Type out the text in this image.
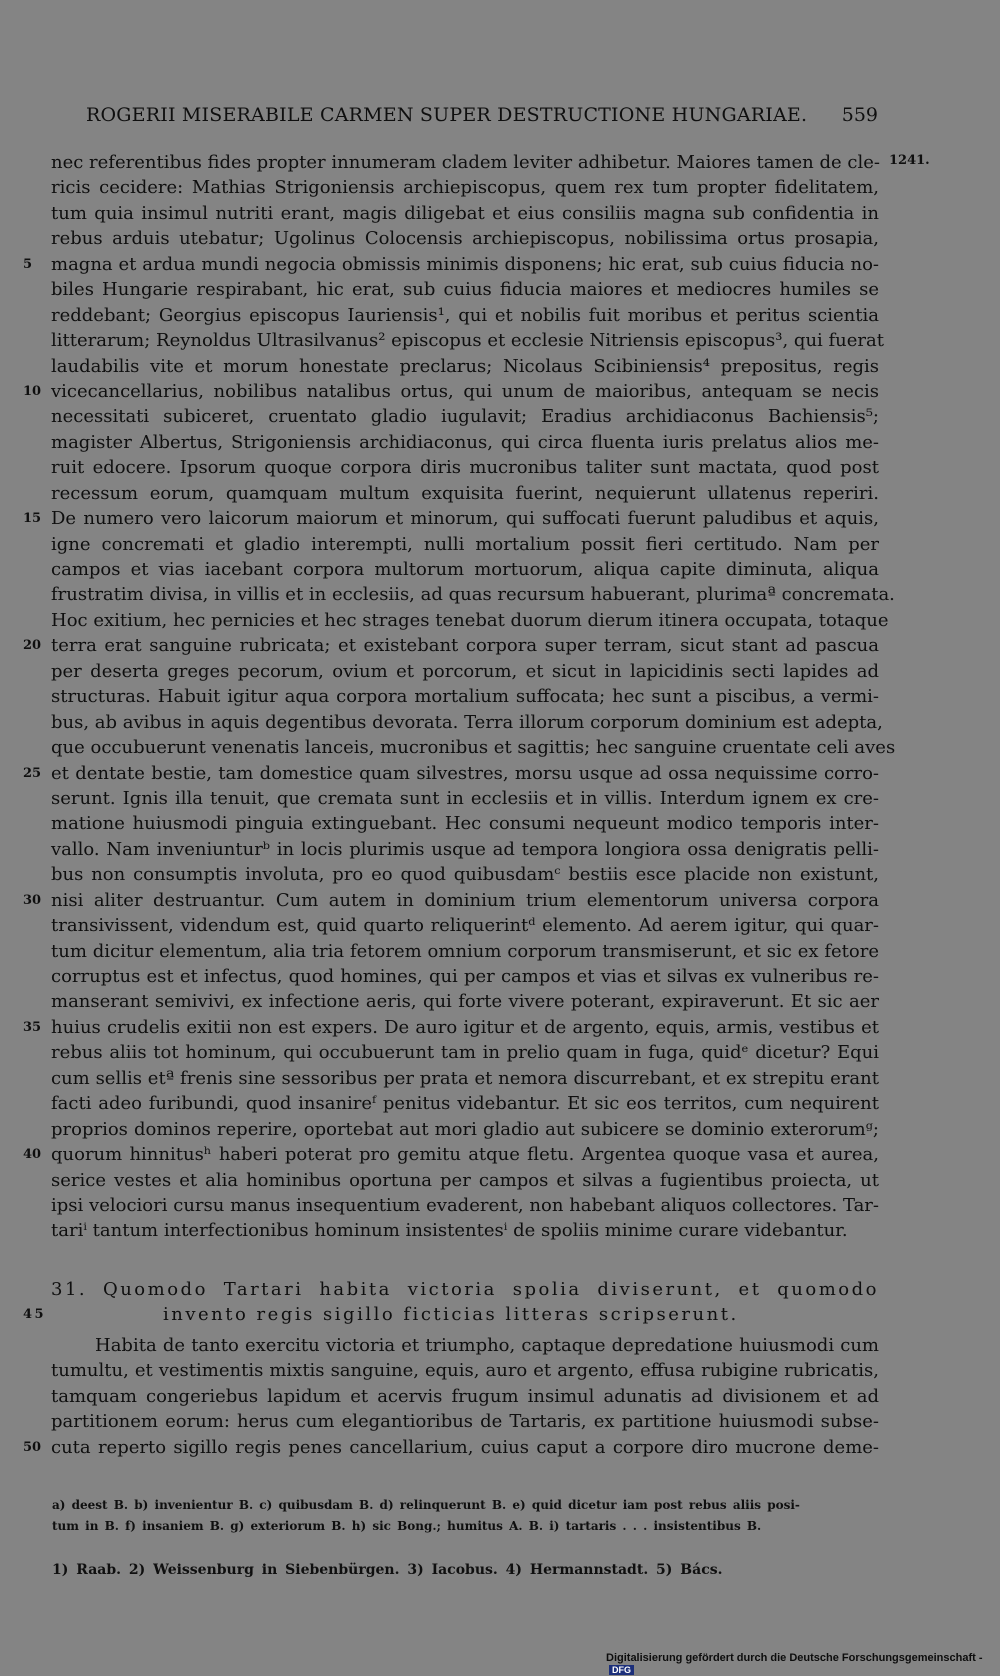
ROGERII MISERABILE CARMEN SUPER DESTRUCTIONE HUNGARIAE. 559
1241.
nec referentibus fides propter innumeram cladem leviter adhibetur. Maiores tamen de cle-
ricis cecidere: Mathias Strigoniensis archiepiscopus, quem rex tum propter fidelitatem,
tum quia insimul nutriti erant, magis diligebat et eius consiliis magna sub confidentia in
rebus arduis utebatur; Ugolinus Colocensis archiepiscopus, nobilissima ortus prosapia,
5	magna et ardua mundi negocia obmissis minimis disponens; hic erat, sub cuius fiducia no-
biles Hungarie respirabant, hic erat, sub cuius fiducia maiores et mediocres humiles se
reddebant; Georgius episcopus Iauriensis¹, qui et nobilis fuit moribus et peritus scientia
litterarum; Reynoldus Ultrasilvanus² episcopus et ecclesie Nitriensis episcopus³, qui fuerat
laudabilis vite et morum honestate preclarus; Nicolaus Scibiniensis⁴ prepositus, regis
10 vicecancellarius, nobilibus natalibus ortus, qui unum de maioribus, antequam se necis
necessitati subiceret, cruentato gladio iugulavit; Eradius archidiaconus Bachiensis⁵;
magister Albertus, Strigoniensis archidiaconus, qui circa fluenta iuris prelatus alios me-
ruit edocere. Ipsorum quoque corpora diris mucronibus taliter sunt mactata, quod post
recessum eorum, quamquam multum exquisita fuerint, nequierunt ullatenus reperiri.
15 De numero vero laicorum maiorum et minorum, qui suffocati fuerunt paludibus et aquis,
igne concremati et gladio interempti, nulli mortalium possit fieri certitudo. Nam per
campos et vias iacebant corpora multorum mortuorum, aliqua capite diminuta, aliqua
frustratim divisa, in villis et in ecclesiis, ad quas recursum habuerant, plurimaª concremata.
Hoc exitium, hec pernicies et hec strages tenebat duorum dierum itinera occupata, totaque
20 terra erat sanguine rubricata; et existebant corpora super terram, sicut stant ad pascua
per deserta greges pecorum, ovium et porcorum, et sicut in lapicidinis secti lapides ad
structuras. Habuit igitur aqua corpora mortalium suffocata; hec sunt a piscibus, a vermi-
bus, ab avibus in aquis degentibus devorata. Terra illorum corporum dominium est adepta,
que occubuerunt venenatis lanceis, mucronibus et sagittis; hec sanguine cruentate celi aves
25 et dentate bestie, tam domestice quam silvestres, morsu usque ad ossa nequissime corro-
serunt. Ignis illa tenuit, que cremata sunt in ecclesiis et in villis. Interdum ignem ex cre-
matione huiusmodi pinguia extinguebant. Hec consumi nequeunt modico temporis inter-
vallo. Nam inveniunturᵇ in locis plurimis usque ad tempora longiora ossa denigratis pelli-
bus non consumptis involuta, pro eo quod quibusdamᶜ bestiis esce placide non existunt,
30 nisi aliter destruantur. Cum autem in dominium trium elementorum universa corpora
transivissent, videndum est, quid quarto reliquerintᵈ elemento. Ad aerem igitur, qui quar-
tum dicitur elementum, alia tria fetorem omnium corporum transmiserunt, et sic ex fetore
corruptus est et infectus, quod homines, qui per campos et vias et silvas ex vulneribus re-
manserant semivivi, ex infectione aeris, qui forte vivere poterant, expiraverunt. Et sic aer
35 huius crudelis exitii non est expers. De auro igitur et de argento, equis, armis, vestibus et
rebus aliis tot hominum, qui occubuerunt tam in prelio quam in fuga, quidᵉ dicetur? Equi
cum sellis etª frenis sine sessoribus per prata et nemora discurrebant, et ex strepitu erant
facti adeo furibundi, quod insanireᶠ penitus videbantur. Et sic eos territos, cum nequirent
proprios dominos reperire, oportebat aut mori gladio aut subicere se dominio exterorumᵍ;
40 quorum hinnitusʰ haberi poterat pro gemitu atque fletu. Argentea quoque vasa et aurea,
serice vestes et alia hominibus oportuna per campos et silvas a fugientibus proiecta, ut
ipsi velociori cursu manus insequentium evaderent, non habebant aliquos collectores. Tar-
tariⁱ tantum interfectionibus hominum insistentesⁱ de spoliis minime curare videbantur.
31. Quomodo Tartari habita victoria spolia diviserunt, et quomodo
45	invento regis sigillo ficticias litteras scripserunt.
Habita de tanto exercitu victoria et triumpho, captaque depredatione huiusmodi cum
tumultu, et vestimentis mixtis sanguine, equis, auro et argento, effusa rubigine rubricatis,
tamquam congeriebus lapidum et acervis frugum insimul adunatis ad divisionem et ad
partitionem eorum: herus cum elegantioribus de Tartaris, ex partitione huiusmodi subse-
50 cuta reperto sigillo regis penes cancellarium, cuius caput a corpore diro mucrone deme-
a) deest B. b) invenientur B. c) quibusdam B. d) relinquerunt B. e) quid dicetur iam post rebus aliis posi-
tum in B. f) insaniem B. g) exteriorum B. h) sic Bong.; humitus A. B. i) tartaris . . . insistentibus B.
1) Raab. 2) Weissenburg in Siebenbürgen. 3) Iacobus. 4) Hermannstadt. 5) Bács.
Digitalisierung gefördert durch die Deutsche Forschungsgemeinschaft -DFG
